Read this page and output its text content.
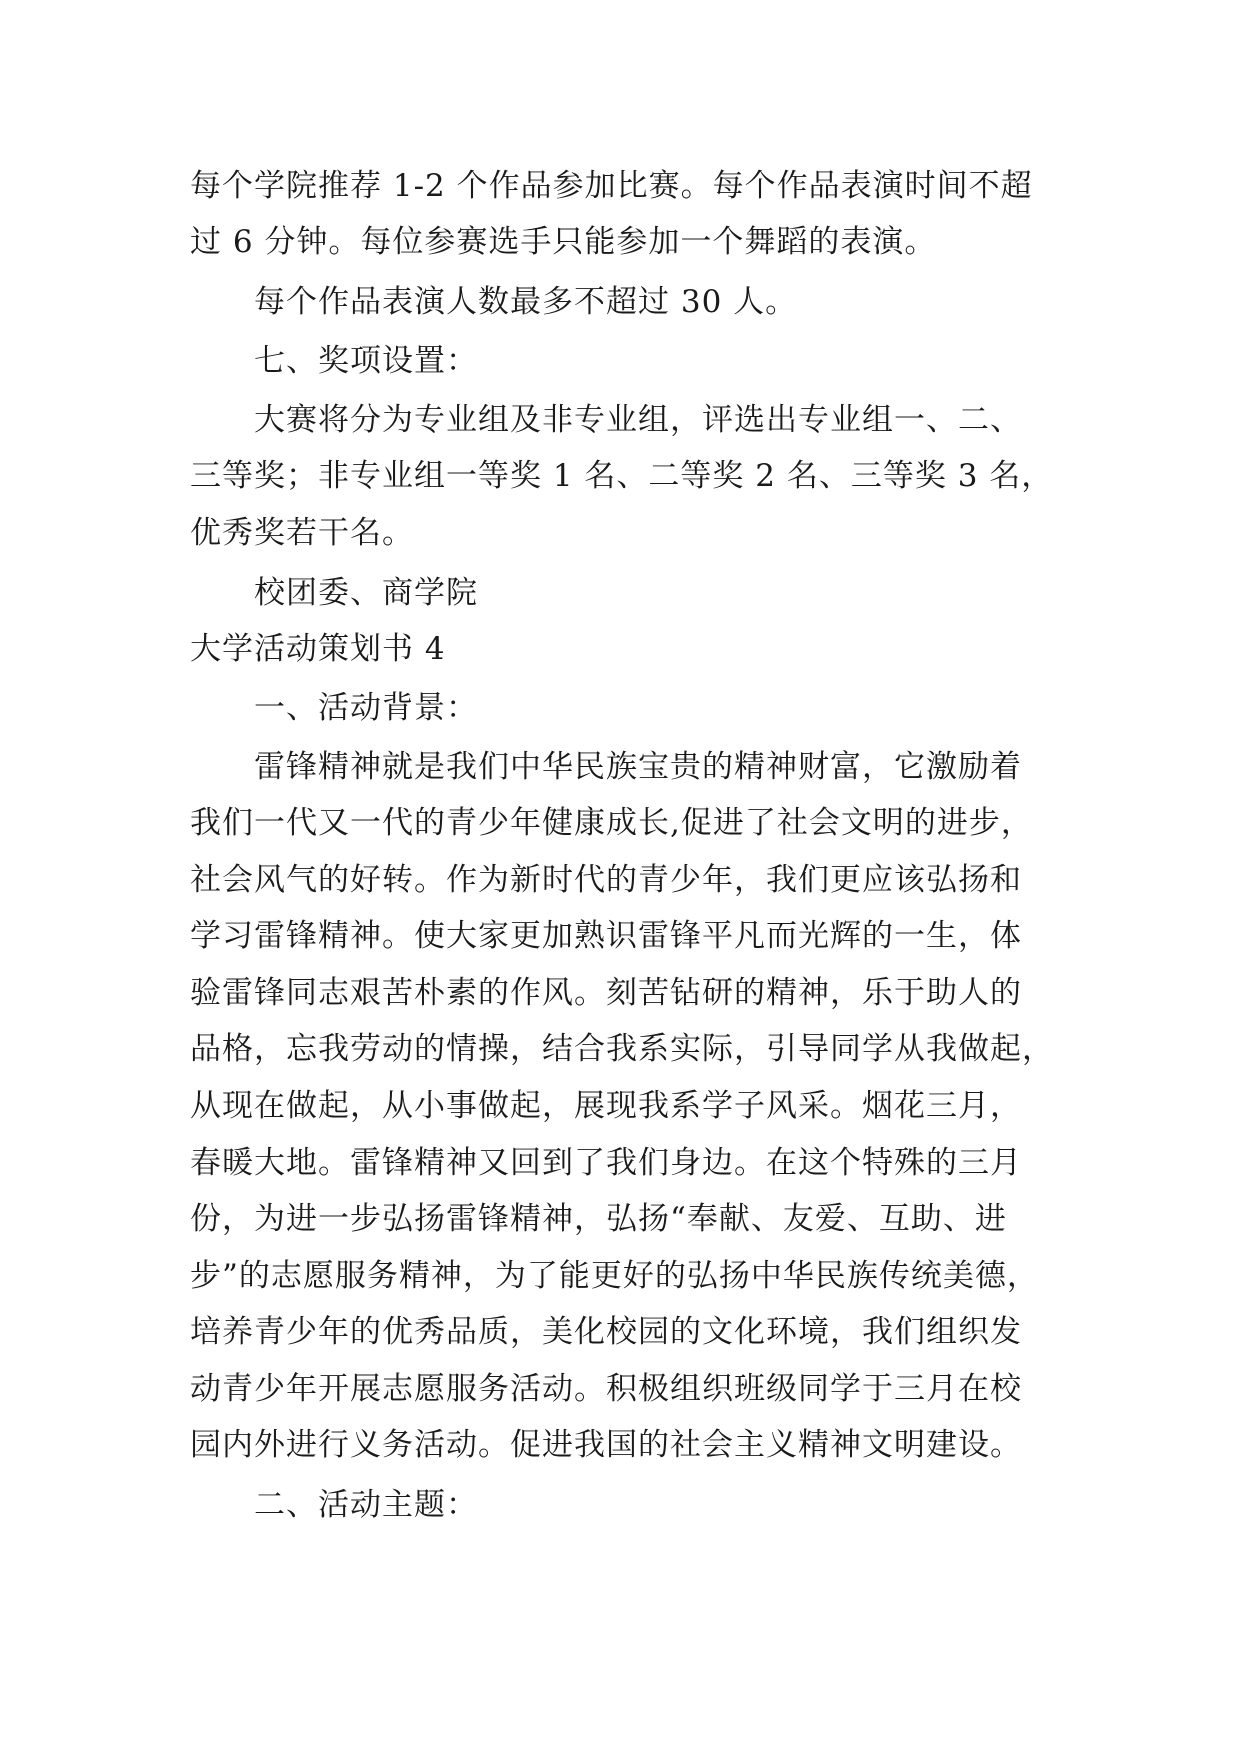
每个学院推荐 1-2 个作品参加比赛。每个作品表演时间不超
过 6 分钟。每位参赛选手只能参加一个舞蹈的表演。
每个作品表演人数最多不超过 30 人。
七、奖项设置：
大赛将分为专业组及非专业组，评选出专业组一、二、
三等奖；非专业组一等奖 1 名、二等奖 2 名、三等奖 3 名，
优秀奖若干名。
校团委、商学院
大学活动策划书 4
一、活动背景：
雷锋精神就是我们中华民族宝贵的精神财富，它激励着
我们一代又一代的青少年健康成长,促进了社会文明的进步，
社会风气的好转。作为新时代的青少年，我们更应该弘扬和
学习雷锋精神。使大家更加熟识雷锋平凡而光辉的一生，体
验雷锋同志艰苦朴素的作风。刻苦钻研的精神，乐于助人的
品格，忘我劳动的情操，结合我系实际，引导同学从我做起，
从现在做起，从小事做起，展现我系学子风采。烟花三月，
春暖大地。雷锋精神又回到了我们身边。在这个特殊的三月
份，为进一步弘扬雷锋精神，弘扬“奉献、友爱、互助、进
步”的志愿服务精神，为了能更好的弘扬中华民族传统美德，
培养青少年的优秀品质，美化校园的文化环境，我们组织发
动青少年开展志愿服务活动。积极组织班级同学于三月在校
园内外进行义务活动。促进我国的社会主义精神文明建设。
二、活动主题：
